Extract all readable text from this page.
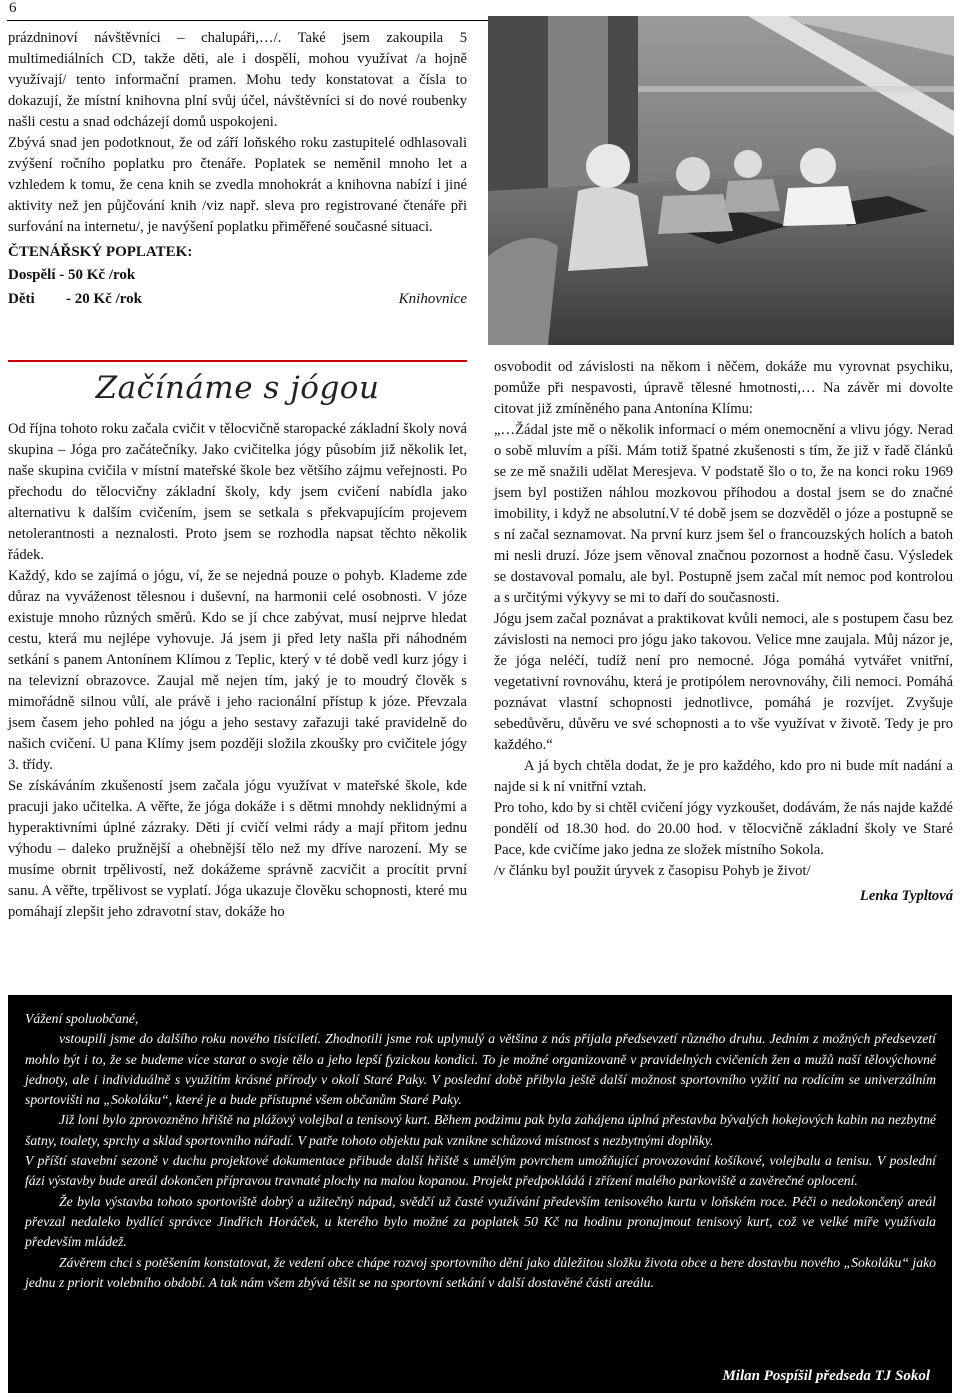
6

prázdninoví návštěvníci – chalupáři,…/. Také jsem zakoupila 5 multimediálních CD, takže děti, ale i dospělí, mohou využívat /a hojně využívají/ tento informační pramen. Mohu tedy konstatovat a čísla to dokazují, že místní knihovna plní svůj účel, návštěvníci si do nové roubenky našli cestu a snad odcházejí domů uspokojeni.

Zbývá snad jen podotknout, že od září loňského roku zastupitelé odhlasovali zvýšení ročního poplatku pro čtenáře. Poplatek se neměnil mnoho let a vzhledem k tomu, že cena knih se zvedla mnohokrát a knihovna nabízí i jiné aktivity než jen půjčování knih /viz např. sleva pro registrované čtenáře při surfování na internetu/, je navýšení poplatku přiměřené současné situaci.

ČTENÁŘSKÝ POPLATEK:

Dospělí - 50 Kč /rok
Děti	- 20 Kč /rok	Knihovnice
Začínáme s jógou

Od října tohoto roku začala cvičit v tělocvičně staropacké základní školy nová skupina – Jóga pro začátečníky. Jako cvičitelka jógy působím již několik let, naše skupina cvičila v místní mateřské škole bez většího zájmu veřejnosti. Po přechodu do tělocvičny základní školy, kdy jsem cvičení nabídla jako alternativu k dalším cvičením, jsem se setkala s překvapujícím projevem netolerantnosti a neznalosti. Proto jsem se rozhodla napsat těchto několik řádek.

Každý, kdo se zajímá o jógu, ví, že se nejedná pouze o pohyb. Klademe zde důraz na vyváženost tělesnou i duševní, na harmonii celé osobnosti. V józe existuje mnoho různých směrů. Kdo se jí chce zabývat, musí nejprve hledat cestu, která mu nejlépe vyhovuje. Já jsem ji před lety našla při náhodném setkání s panem Antonínem Klímou z Teplic, který v té době vedl kurz jógy i na televizní obrazovce. Zaujal mě nejen tím, jaký je to moudrý člověk s mimořádně silnou vůlí, ale právě i jeho racionální přístup k józe. Převzala jsem časem jeho pohled na jógu a jeho sestavy zařazuji také pravidelně do našich cvičení. U pana Klímy jsem později složila zkoušky pro cvičitele jógy 3. třídy.

Se získáváním zkušeností jsem začala jógu využívat v mateřské škole, kde pracuji jako učitelka. A věřte, že jóga dokáže i s dětmi mnohdy neklidnými a hyperaktivními úplné zázraky. Děti jí cvičí velmi rády a mají přitom jednu výhodu – daleko pružnější a ohebnější tělo než my dříve narození. My se musíme obrnit trpělivostí, než dokážeme správně zacvičit a procítit první sanu. A věřte, trpělivost se vyplatí. Jóga ukazuje člověku schopnosti, které mu pomáhají zlepšit jeho zdravotní stav, dokáže ho

osvobodit od závislosti na někom i něčem, dokáže mu vyrovnat psychiku, pomůže při nespavosti, úpravě tělesné hmotnosti,… Na závěr mi dovolte citovat již zmíněného pana Antonína Klímu:

„…Žádal jste mě o několik informací o mém onemocnění a vlivu jógy. Nerad o sobě mluvím a píši. Mám totiž špatné zkušenosti s tím, že již v řadě článků se ze mě snažili udělat Meresjeva. V podstatě šlo o to, že na konci roku 1969 jsem byl postižen náhlou mozkovou příhodou a dostal jsem se do značné imobility, i když ne absolutní.V té době jsem se dozvěděl o józe a postupně se s ní začal seznamovat. Na první kurz jsem šel o francouzských holích a batoh mi nesli druzí. Józe jsem věnoval značnou pozornost a hodně času. Výsledek se dostavoval pomalu, ale byl. Postupně jsem začal mít nemoc pod kontrolou a s určitými výkyvy se mi to daří do současnosti.

Jógu jsem začal poznávat a praktikovat kvůli nemoci, ale s postupem času bez závislosti na nemoci pro jógu jako takovou. Velice mne zaujala. Můj názor je, že jóga neléčí, tudíž není pro nemocné. Jóga pomáhá vytvářet vnitřní, vegetativní rovnováhu, která je protipólem nerovnováhy, čili nemoci. Pomáhá poznávat vlastní schopnosti jednotlivce, pomáhá je rozvíjet. Zvyšuje sebedůvěru, důvěru ve své schopnosti a to vše využívat v životě. Tedy je pro každého.“

A já bych chtěla dodat, že je pro každého, kdo pro ni bude mít nadání a najde si k ní vnitřní vztah.

Pro toho, kdo by si chtěl cvičení jógy vyzkoušet, dodávám, že nás najde každé pondělí od 18.30 hod. do 20.00 hod. v tělocvičně základní školy ve Staré Pace, kde cvičíme jako jedna ze složek místního Sokola.

/v článku byl použit úryvek z časopisu Pohyb je život/

Lenka Typltová

Vážení spoluobčané,

vstoupili jsme do dalšího roku nového tisíciletí. Zhodnotili jsme rok uplynulý a většina z nás přijala předsevzetí různého druhu. Jedním z možných předsevzetí mohlo být i to, že se budeme více starat o svoje tělo a jeho lepší fyzickou kondici. To je možné organizovaně v pravidelných cvičeních žen a mužů naší tělovýchovné jednoty, ale i individuálně s využitím krásné přírody v okolí Staré Paky. V poslední době přibyla ještě další možnost sportovního vyžití na rodícím se univerzálním sportovišti na „Sokoláku“, které je a bude přístupné všem občanům Staré Paky.

Již loni bylo zprovozněno hřiště na plážový volejbal a tenisový kurt. Během podzimu pak byla zahájena úplná přestavba bývalých hokejových kabin na nezbytné šatny, toalety, sprchy a sklad sportovního nářadí. V patře tohoto objektu pak vznikne schůzová místnost s nezbytnými doplňky.

V příští stavební sezoně v duchu projektové dokumentace přibude další hřiště s umělým povrchem umožňující provozování košíkové, volejbalu a tenisu. V poslední fázi výstavby bude areál dokončen přípravou travnaté plochy na malou kopanou. Projekt předpokládá i zřízení malého parkoviště a zavěrečné oplocení.

Že byla výstavba tohoto sportoviště dobrý a užitečný nápad, svědčí už časté využívání především tenisového kurtu v loňském roce. Péči o nedokončený areál převzal nedaleko bydlící správce Jindřich Horáček, u kterého bylo možné za poplatek 50 Kč na hodinu pronajmout tenisový kurt, což ve velké míře využívala především mládež.

Závěrem chci s potěšením konstatovat, že vedení obce chápe rozvoj sportovního dění jako důležitou složku života obce a bere dostavbu nového „Sokoláku“ jako jednu z priorit volebního období. A tak nám všem zbývá těšit se na sportovní setkání v další dostavěné části areálu.

Milan Pospíšil předseda TJ Sokol
